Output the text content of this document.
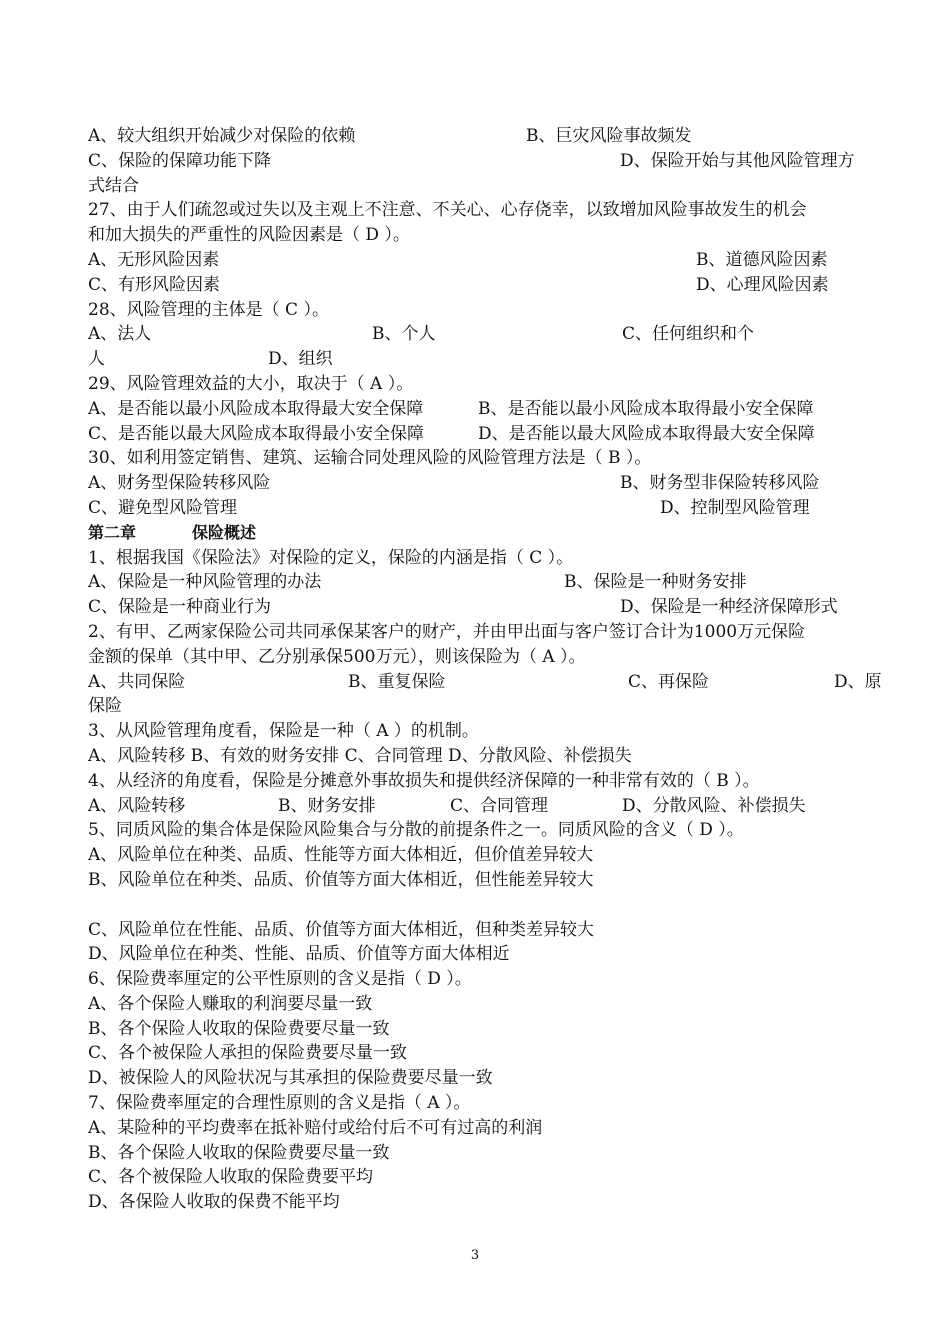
A、较大组织开始减少对保险的依赖	B、巨灾风险事故频发
C、保险的保障功能下降	D、保险开始与其他风险管理方
式结合
27、由于人们疏忽或过失以及主观上不注意、不关心、心存侥幸，以致增加风险事故发生的机会
和加大损失的严重性的风险因素是（ D ）。
A、无形风险因素	B、道德风险因素
C、有形风险因素	D、心理风险因素
28、风险管理的主体是（ C ）。
A、法人	B、个人	C、任何组织和个
人	D、组织
29、风险管理效益的大小，取决于（ A ）。
A、是否能以最小风险成本取得最大安全保障	B、是否能以最小风险成本取得最小安全保障
C、是否能以最大风险成本取得最小安全保障	D、是否能以最大风险成本取得最大安全保障
30、如利用签定销售、建筑、运输合同处理风险的风险管理方法是（ B ）。
A、财务型保险转移风险	B、财务型非保险转移风险
C、避免型风险管理	D、控制型风险管理
第二章	保险概述
1、根据我国《保险法》对保险的定义，保险的内涵是指（ C ）。
A、保险是一种风险管理的办法	B、保险是一种财务安排
C、保险是一种商业行为	D、保险是一种经济保障形式
2、有甲、乙两家保险公司共同承保某客户的财产，并由甲出面与客户签订合计为1000万元保险
金额的保单（其中甲、乙分别承保500万元），则该保险为（ A ）。
A、共同保险	B、重复保险	C、再保险	D、原
保险
3、从风险管理角度看，保险是一种（ A ）的机制。
A、风险转移 B、有效的财务安排 C、合同管理 D、分散风险、补偿损失
4、从经济的角度看，保险是分摊意外事故损失和提供经济保障的一种非常有效的（ B ）。
A、风险转移	B、财务安排	C、合同管理	D、分散风险、补偿损失
5、同质风险的集合体是保险风险集合与分散的前提条件之一。同质风险的含义（ D ）。
A、风险单位在种类、品质、性能等方面大体相近，但价值差异较大
B、风险单位在种类、品质、价值等方面大体相近，但性能差异较大
C、风险单位在性能、品质、价值等方面大体相近，但种类差异较大
D、风险单位在种类、性能、品质、价值等方面大体相近
6、保险费率厘定的公平性原则的含义是指（ D ）。
A、各个保险人赚取的利润要尽量一致
B、各个保险人收取的保险费要尽量一致
C、各个被保险人承担的保险费要尽量一致
D、被保险人的风险状况与其承担的保险费要尽量一致
7、保险费率厘定的合理性原则的含义是指（ A ）。
A、某险种的平均费率在抵补赔付或给付后不可有过高的利润
B、各个保险人收取的保险费要尽量一致
C、各个被保险人收取的保险费要平均
D、各保险人收取的保费不能平均
3
